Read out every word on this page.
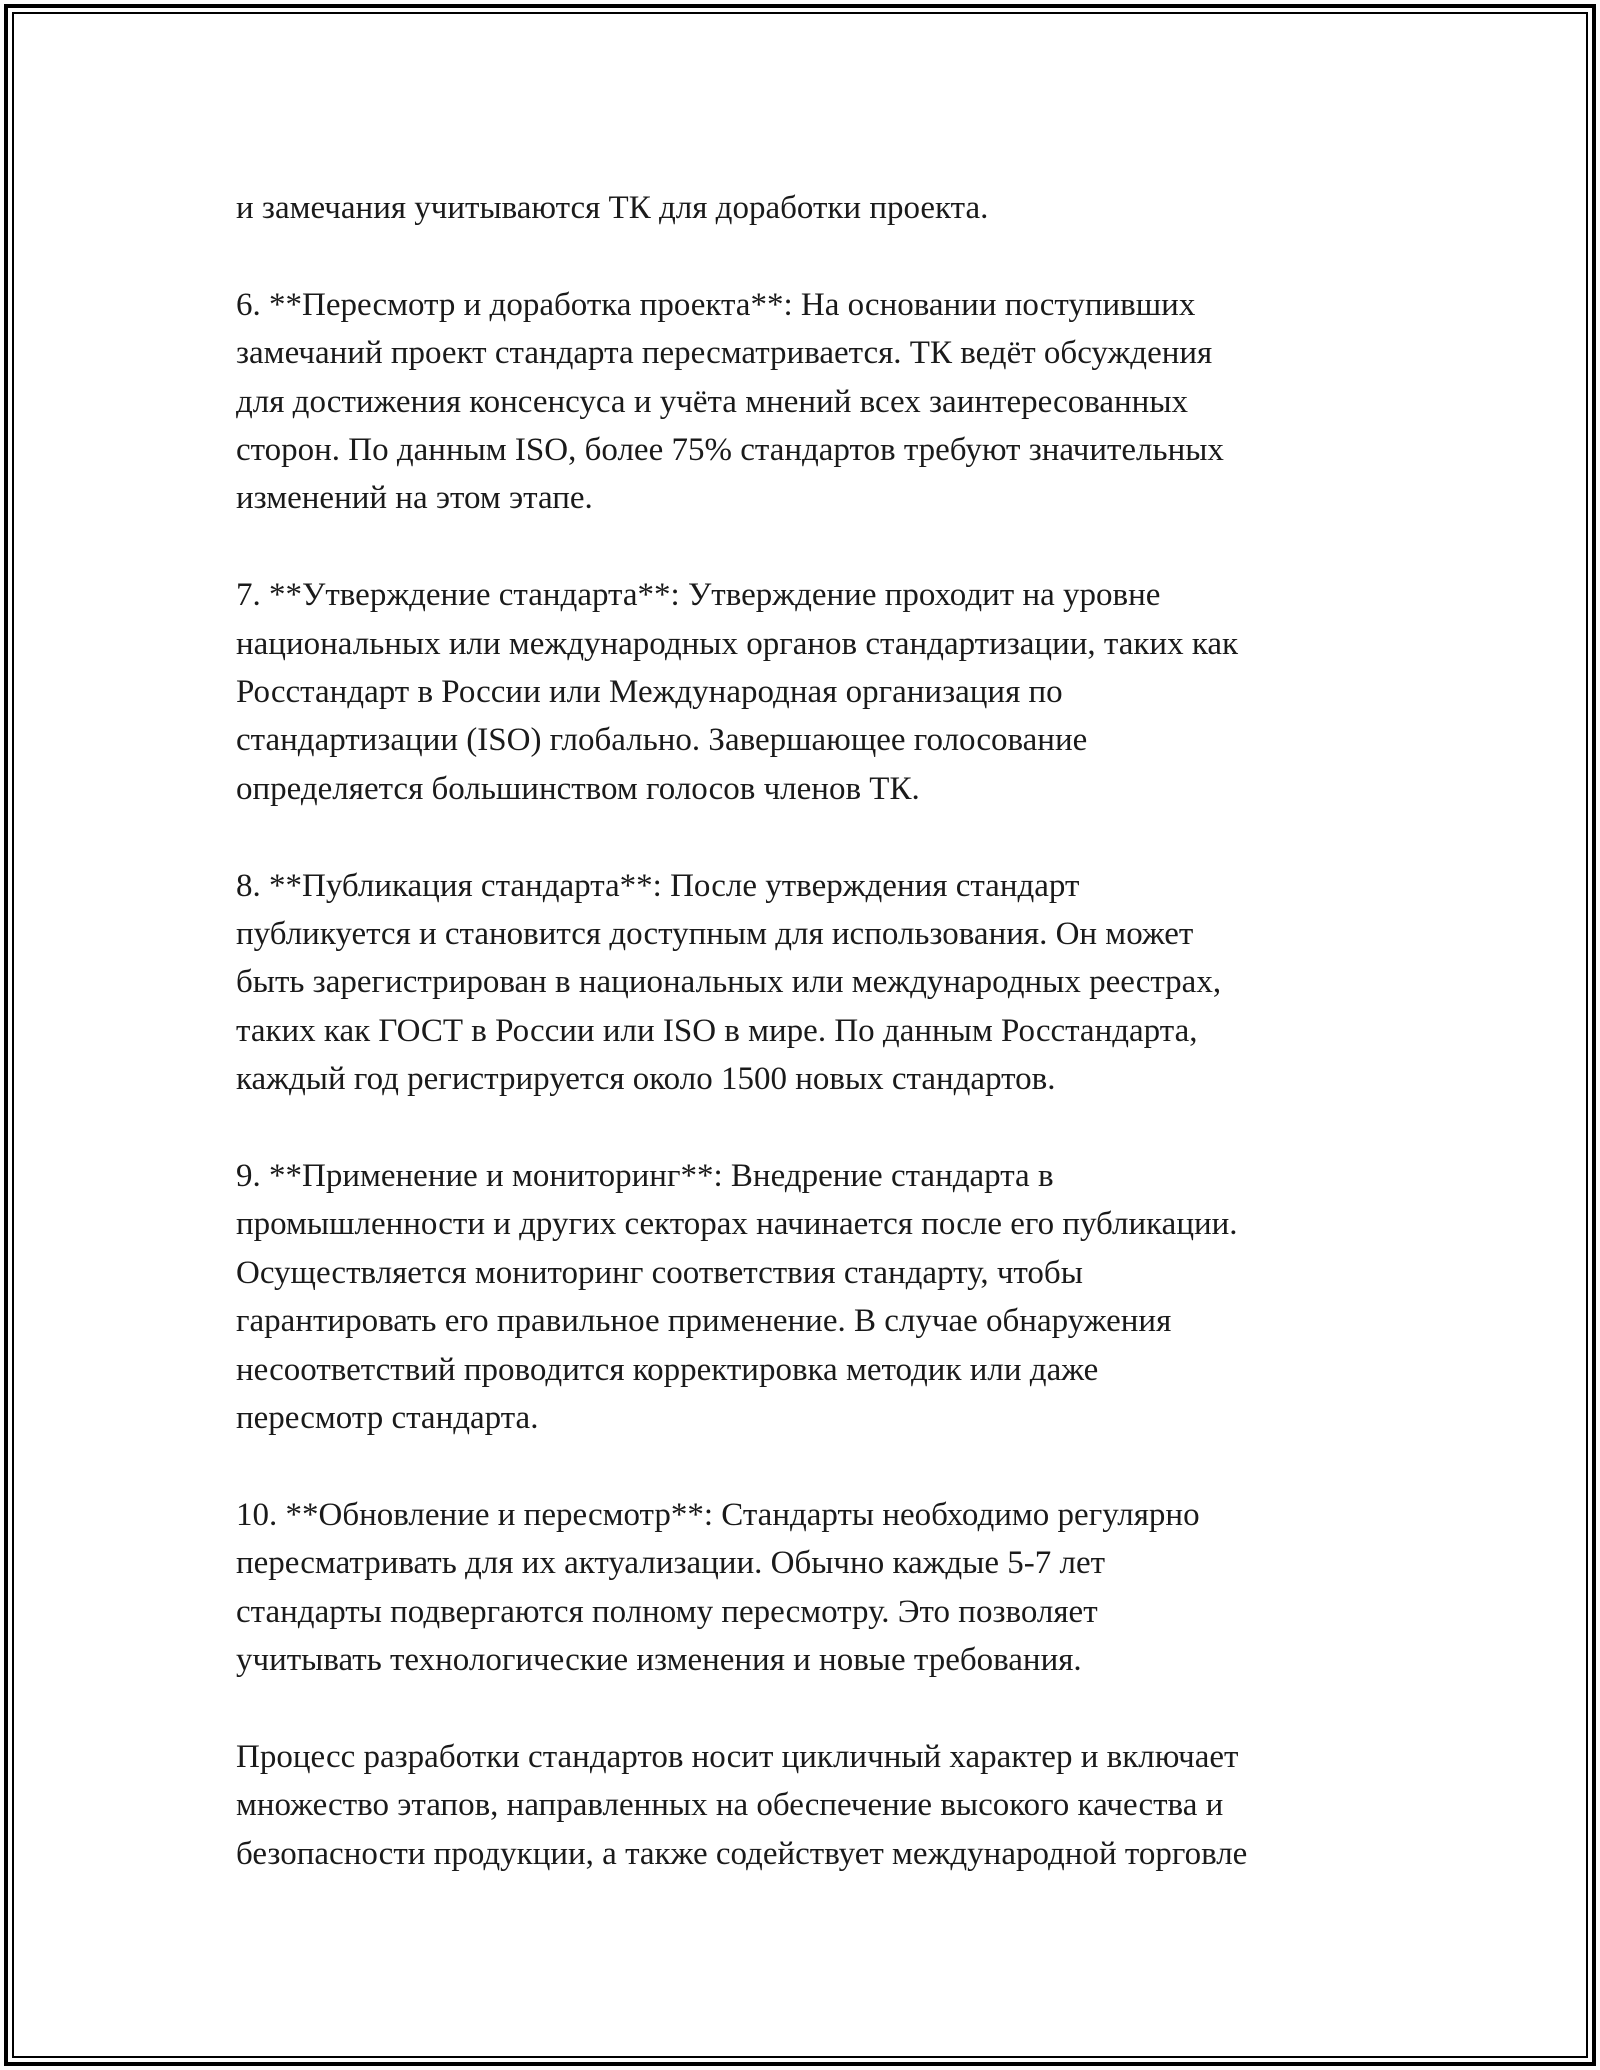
и замечания учитываются ТК для доработки проекта.

6. **Пересмотр и доработка проекта**: На основании поступивших
замечаний проект стандарта пересматривается. ТК ведёт обсуждения
для достижения консенсуса и учёта мнений всех заинтересованных
сторон. По данным ISO, более 75% стандартов требуют значительных
изменений на этом этапе.

7. **Утверждение стандарта**: Утверждение проходит на уровне
национальных или международных органов стандартизации, таких как
Росстандарт в России или Международная организация по
стандартизации (ISO) глобально. Завершающее голосование
определяется большинством голосов членов ТК.

8. **Публикация стандарта**: После утверждения стандарт
публикуется и становится доступным для использования. Он может
быть зарегистрирован в национальных или международных реестрах,
таких как ГОСТ в России или ISO в мире. По данным Росстандарта,
каждый год регистрируется около 1500 новых стандартов.

9. **Применение и мониторинг**: Внедрение стандарта в
промышленности и других секторах начинается после его публикации.
Осуществляется мониторинг соответствия стандарту, чтобы
гарантировать его правильное применение. В случае обнаружения
несоответствий проводится корректировка методик или даже
пересмотр стандарта.

10. **Обновление и пересмотр**: Стандарты необходимо регулярно
пересматривать для их актуализации. Обычно каждые 5-7 лет
стандарты подвергаются полному пересмотру. Это позволяет
учитывать технологические изменения и новые требования.

Процесс разработки стандартов носит цикличный характер и включает
множество этапов, направленных на обеспечение высокого качества и
безопасности продукции, а также содействует международной торговле
